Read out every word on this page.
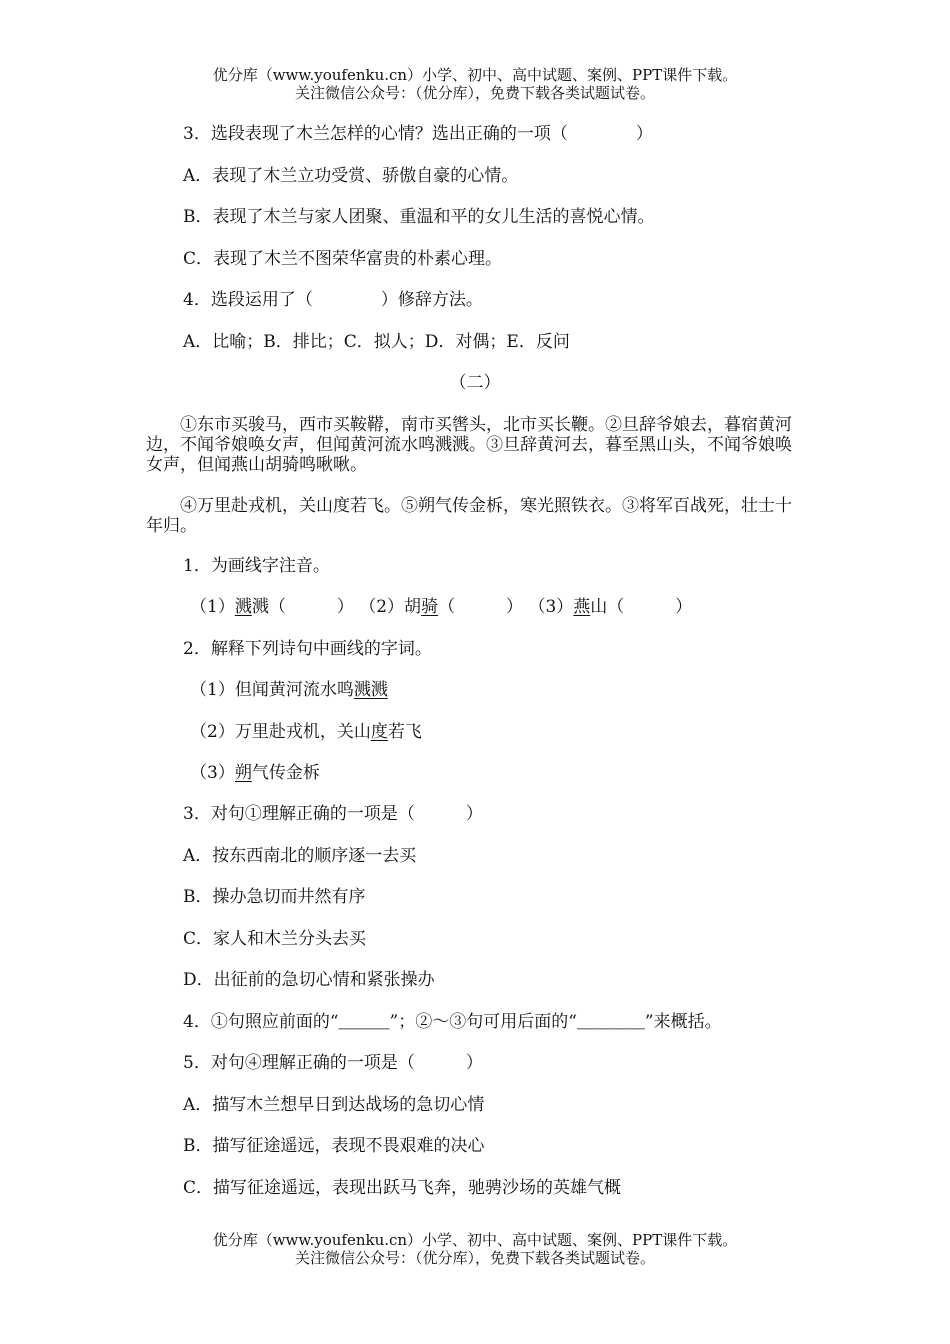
优分库（www.youfenku.cn）小学、初中、高中试题、案例、PPT课件下载。
关注微信公众号：（优分库），免费下载各类试题试卷。
3．选段表现了木兰怎样的心情？选出正确的一项（　　　　）
A．表现了木兰立功受赏、骄傲自豪的心情。
B．表现了木兰与家人团聚、重温和平的女儿生活的喜悦心情。
C．表现了木兰不图荣华富贵的朴素心理。
4．选段运用了（　　　　）修辞方法。
A．比喻；B．排比；C．拟人；D．对偶；E．反问
（二）
①东市买骏马，西市买鞍鞯，南市买辔头，北市买长鞭。②旦辞爷娘去，暮宿黄河边，不闻爷娘唤女声，但闻黄河流水鸣溅溅。③旦辞黄河去，暮至黑山头，不闻爷娘唤女声，但闻燕山胡骑鸣啾啾。
④万里赴戎机，关山度若飞。⑤朔气传金柝，寒光照铁衣。③将军百战死，壮士十年归。
1．为画线字注音。
（1）溅溅（　　　） （2）胡骑（　　　） （3）燕山（　　　）
2．解释下列诗句中画线的字词。
（1）但闻黄河流水鸣溅溅
（2）万里赴戎机，关山度若飞
（3）朔气传金柝
3．对句①理解正确的一项是（　　　）
A．按东西南北的顺序逐一去买
B．操办急切而井然有序
C．家人和木兰分头去买
D．出征前的急切心情和紧张操办
4．①句照应前面的“＿＿＿”；②～③句可用后面的“＿＿＿＿”来概括。
5．对句④理解正确的一项是（　　　）
A．描写木兰想早日到达战场的急切心情
B．描写征途遥远，表现不畏艰难的决心
C．描写征途遥远，表现出跃马飞奔，驰骋沙场的英雄气概
优分库（www.youfenku.cn）小学、初中、高中试题、案例、PPT课件下载。
关注微信公众号：（优分库），免费下载各类试题试卷。
